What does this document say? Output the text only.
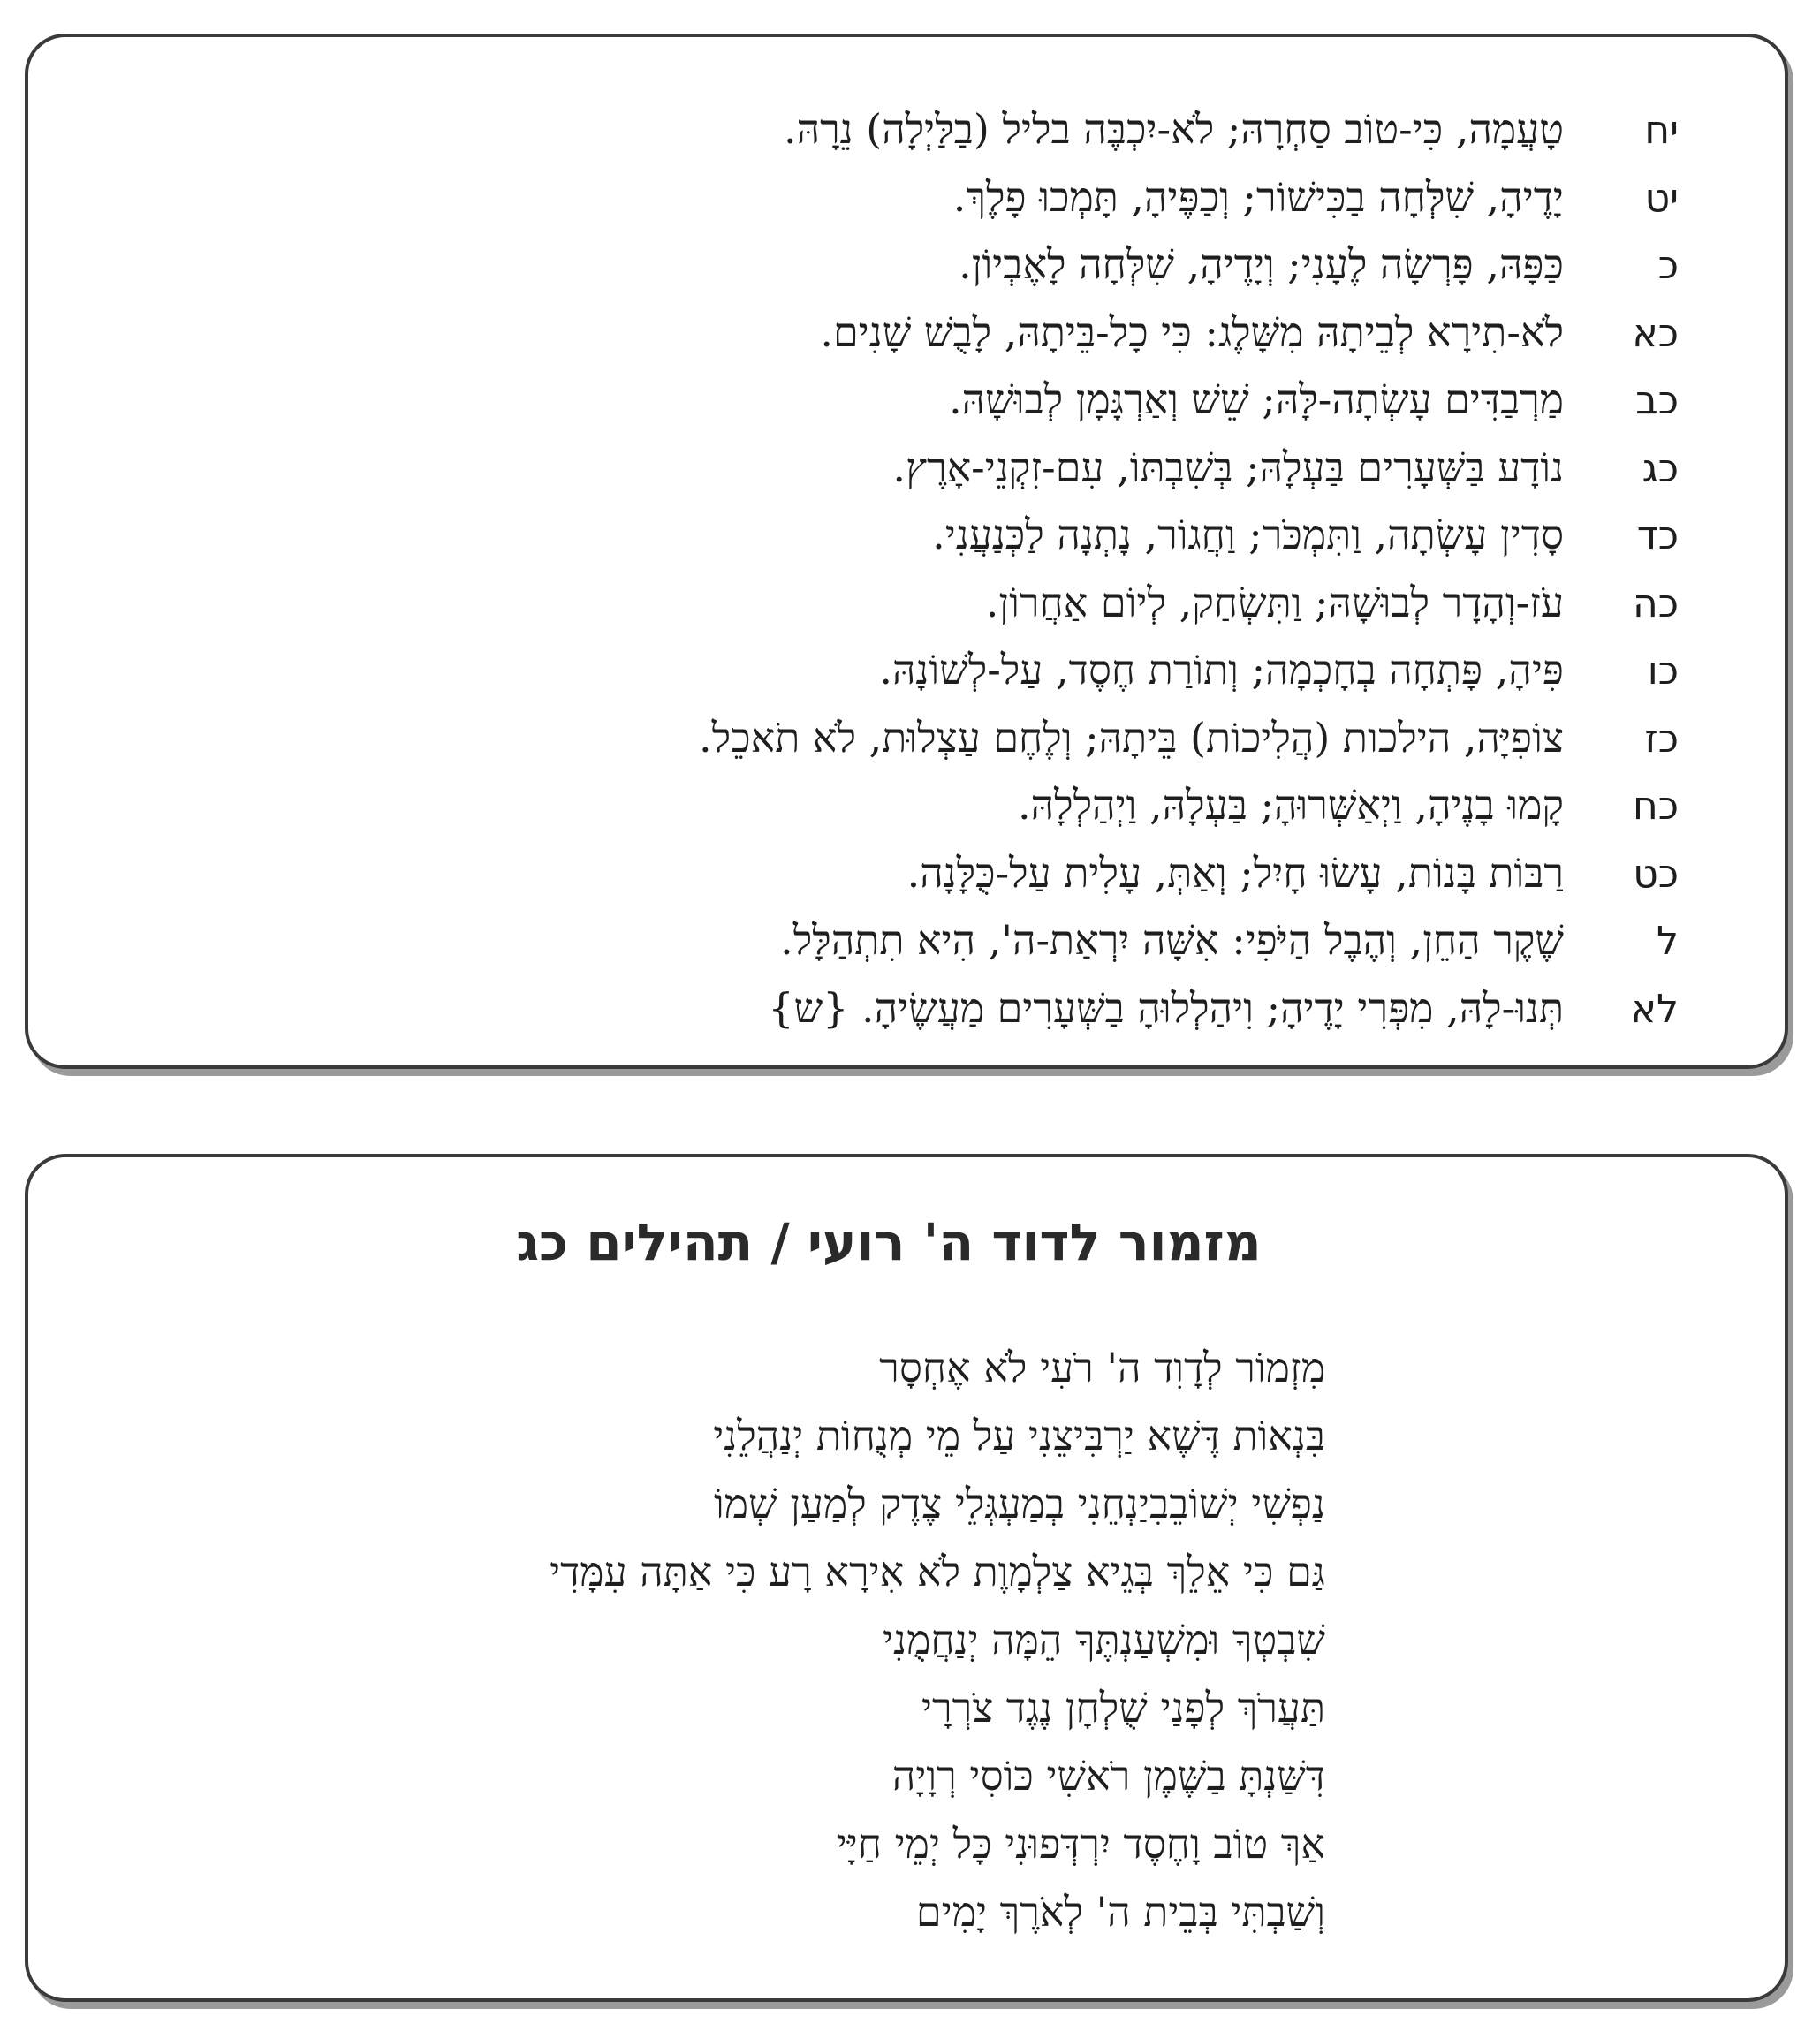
יח
טָעֲמָה, כִּי-טוֹב סַחְרָהּ; לֹא-יִכְבֶּה בליל (בַלַּיְלָה) נֵרָהּ.
יט
יָדֶיהָ, שִׁלְּחָה בַכִּישׁוֹר; וְכַפֶּיהָ, תָּמְכוּ פָלֶךְ.
כ
כַּפָּהּ, פָּרְשָׂה לֶעָנִי; וְיָדֶיהָ, שִׁלְּחָה לָאֶבְיוֹן.
כא
לֹא-תִירָא לְבֵיתָהּ מִשָּׁלֶג: כִּי כָל-בֵּיתָהּ, לָבֻשׁ שָׁנִים.
כב
מַרְבַדִּים עָשְׂתָה-לָּהּ; שֵׁשׁ וְאַרְגָּמָן לְבוּשָׁהּ.
כג
נוֹדָע בַּשְּׁעָרִים בַּעְלָהּ; בְּשִׁבְתּוֹ, עִם-זִקְנֵי-אָרֶץ.
כד
סָדִין עָשְׂתָה, וַתִּמְכֹּר; וַחֲגוֹר, נָתְנָה לַכְּנַעֲנִי.
כה
עֹז-וְהָדָר לְבוּשָׁהּ; וַתִּשְׂחַק, לְיוֹם אַחֲרוֹן.
כו
פִּיהָ, פָּתְחָה בְחָכְמָה; וְתוֹרַת חֶסֶד, עַל-לְשׁוֹנָהּ.
כז
צוֹפִיָּה, הילכות (הֲלִיכוֹת) בֵּיתָהּ; וְלֶחֶם עַצְלוּת, לֹא תֹאכֵל.
כח
קָמוּ בָנֶיהָ, וַיְאַשְּׁרוּהָ; בַּעְלָהּ, וַיְהַלְלָהּ.
כט
רַבּוֹת בָּנוֹת, עָשׂוּ חָיִל; וְאַתְּ, עָלִית עַל-כֻּלָּנָה.
ל
שֶׁקֶר הַחֵן, וְהֶבֶל הַיֹּפִי: אִשָּׁה יִרְאַת-ה', הִיא תִתְהַלָּל.
לא
תְּנוּ-לָהּ, מִפְּרִי יָדֶיהָ; וִיהַלְלוּהָ בַשְּׁעָרִים מַעֲשֶׂיהָ. {ש}
מזמור לדוד ה' רועי / תהילים כג
מִזְמוֹר לְדָוִד ה' רֹעִי לֹא אֶחְסָר
בִּנְאוֹת דֶּשֶׁא יַרְבִּיצֵנִי עַל מֵי מְנֻחוֹת יְנַהֲלֵנִי
נַפְשִׁי יְשׁוֹבֵבִיַנְחֵנִי בְמַעְגְּלֵי צֶדֶק לְמַעַן שְׁמוֹ
גַּם כִּי אֵלֵךְ בְּגֵיא צַלְמָוֶת לֹא אִירָא רָע כִּי אַתָּה עִמָּדִי
שִׁבְטְךָ וּמִשְׁעַנְתֶּךָ הֵמָּה יְנַחֲמֻנִי
תַּעֲרֹךְ לְפָנַי שֻׁלְחָן נֶגֶד צֹרְרָי
דִּשַּׁנְתָּ בַשֶּׁמֶן רֹאשִׁי כּוֹסִי רְוָיָה
אַךְ טוֹב וָחֶסֶד יִרְדְּפוּנִי כָּל יְמֵי חַיָּי
וְשַׁבְתִּי בְּבֵית ה' לְאֹרֶךְ יָמִים
